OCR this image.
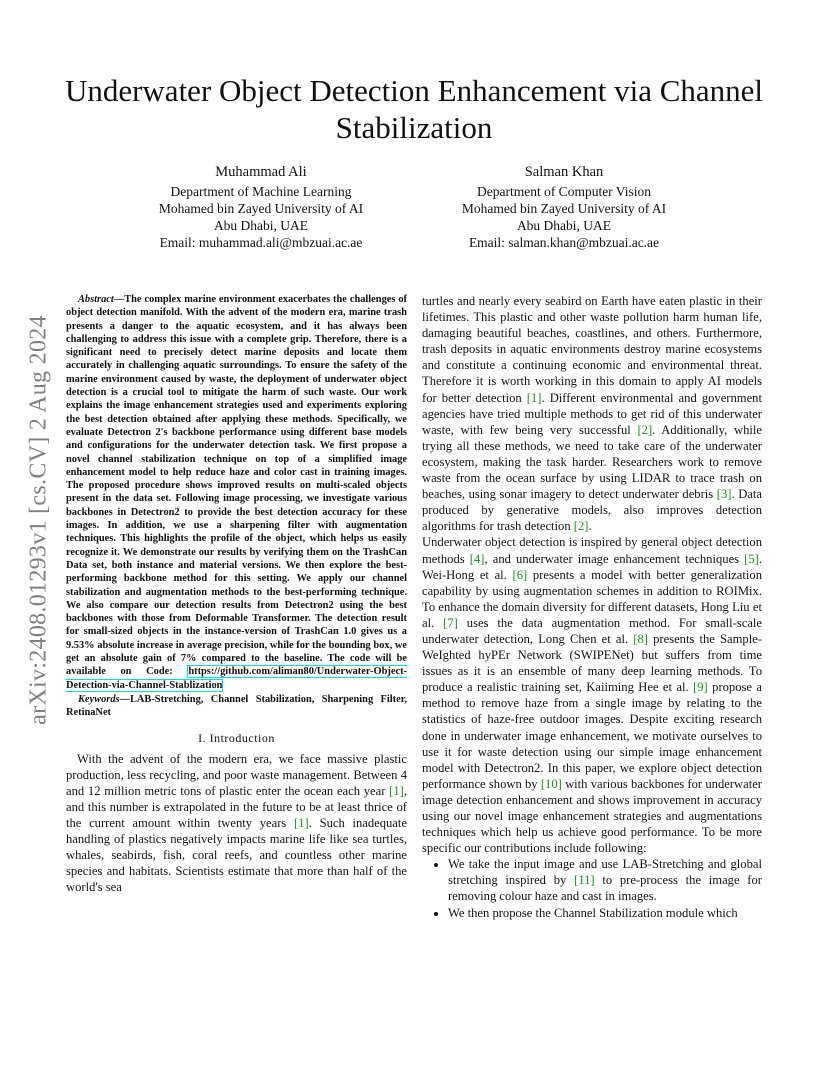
Underwater Object Detection Enhancement via Channel Stabilization
Muhammad Ali
Department of Machine Learning
Mohamed bin Zayed University of AI
Abu Dhabi, UAE
Email: muhammad.ali@mbzuai.ac.ae
Salman Khan
Department of Computer Vision
Mohamed bin Zayed University of AI
Abu Dhabi, UAE
Email: salman.khan@mbzuai.ac.ae
arXiv:2408.01293v1 [cs.CV] 2 Aug 2024

Abstract—The complex marine environment exacerbates the challenges of object detection manifold. With the advent of the modern era, marine trash presents a danger to the aquatic ecosystem, and it has always been challenging to address this issue with a complete grip. Therefore, there is a significant need to precisely detect marine deposits and locate them accurately in challenging aquatic surroundings. To ensure the safety of the marine environment caused by waste, the deployment of underwater object detection is a crucial tool to mitigate the harm of such waste. Our work explains the image enhancement strategies used and experiments exploring the best detection obtained after applying these methods. Specifically, we evaluate Detectron 2's backbone performance using different base models and configurations for the underwater detection task. We first propose a novel channel stabilization technique on top of a simplified image enhancement model to help reduce haze and color cast in training images. The proposed procedure shows improved results on multi-scaled objects present in the data set. Following image processing, we investigate various backbones in Detectron2 to provide the best detection accuracy for these images. In addition, we use a sharpening filter with augmentation techniques. This highlights the profile of the object, which helps us easily recognize it. We demonstrate our results by verifying them on the TrashCan Data set, both instance and material versions. We then explore the best-performing backbone method for this setting. We apply our channel stabilization and augmentation methods to the best-performing technique. We also compare our detection results from Detectron2 using the best backbones with those from Deformable Transformer. The detection result for small-sized objects in the instance-version of TrashCan 1.0 gives us a 9.53% absolute increase in average precision, while for the bounding box, we get an absolute gain of 7% compared to the baseline. The code will be available on Code: https://github.com/aliman80/Underwater-Object-Detection-via-Channel-Stablization

Keywords—LAB-Stretching, Channel Stabilization, Sharpening Filter, RetinaNet

I. Introduction

With the advent of the modern era, we face massive plastic production, less recycling, and poor waste management. Between 4 and 12 million metric tons of plastic enter the ocean each year [1], and this number is extrapolated in the future to be at least thrice of the current amount within twenty years [1]. Such inadequate handling of plastics negatively impacts marine life like sea turtles, whales, seabirds, fish, coral reefs, and countless other marine species and habitats. Scientists estimate that more than half of the world's sea

turtles and nearly every seabird on Earth have eaten plastic in their lifetimes. This plastic and other waste pollution harm human life, damaging beautiful beaches, coastlines, and others. Furthermore, trash deposits in aquatic environments destroy marine ecosystems and constitute a continuing economic and environmental threat. Therefore it is worth working in this domain to apply AI models for better detection [1]. Different environmental and government agencies have tried multiple methods to get rid of this underwater waste, with few being very successful [2]. Additionally, while trying all these methods, we need to take care of the underwater ecosystem, making the task harder. Researchers work to remove waste from the ocean surface by using LIDAR to trace trash on beaches, using sonar imagery to detect underwater debris [3]. Data produced by generative models, also improves detection algorithms for trash detection [2].

Underwater object detection is inspired by general object detection methods [4], and underwater image enhancement techniques [5]. Wei-Hong et al. [6] presents a model with better generalization capability by using augmentation schemes in addition to ROIMix. To enhance the domain diversity for different datasets, Hong Liu et al. [7] uses the data augmentation method. For small-scale underwater detection, Long Chen et al. [8] presents the Sample-WeIghted hyPEr Network (SWIPENet) but suffers from time issues as it is an ensemble of many deep learning methods. To produce a realistic training set, Kaiiming Hee et al. [9] propose a method to remove haze from a single image by relating to the statistics of haze-free outdoor images. Despite exciting research done in underwater image enhancement, we motivate ourselves to use it for waste detection using our simple image enhancement model with Detectron2. In this paper, we explore object detection performance shown by [10] with various backbones for underwater image detection enhancement and shows improvement in accuracy using our novel image enhancement strategies and augmentations techniques which help us achieve good performance. To be more specific our contributions include following:

• We take the input image and use LAB-Stretching and global stretching inspired by [11] to pre-process the image for removing colour haze and cast in images.
• We then propose the Channel Stabilization module which
